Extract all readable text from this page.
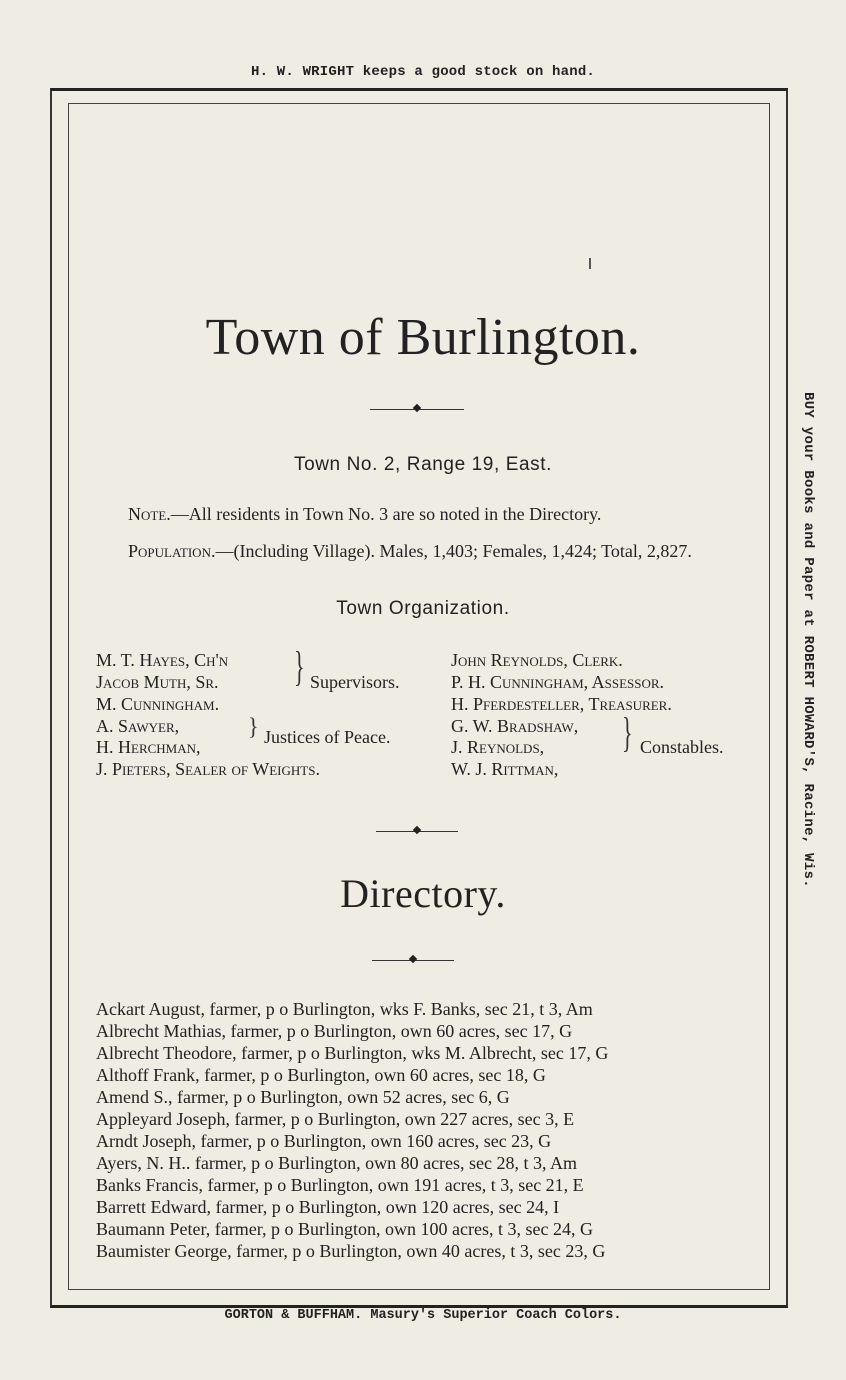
H. W. WRIGHT keeps a good stock on hand.
BUY your Books and Paper at ROBERT HOWARD'S, Racine, Wis.
GORTON & BUFFHAM. Masury's Superior Coach Colors.
Town of Burlington.
Town No. 2, Range 19, East.
Note.—All residents in Town No. 3 are so noted in the Directory.
Population.—(Including Village). Males, 1,403; Females, 1,424; Total, 2,827.
Town Organization.
M. T. Hayes, Ch'n
Jacob Muth, Sr.
M. Cunningham.
} Supervisors.
A. Sawyer,
H. Herchman,
} Justices of Peace.
J. Pieters, Sealer of Weights.
John Reynolds, Clerk.
P. H. Cunningham, Assessor.
H. Pferdesteller, Treasurer.
G. W. Bradshaw,
J. Reynolds,
W. J. Rittman,
} Constables.
Directory.
Ackart August, farmer, p o Burlington, wks F. Banks, sec 21, t 3, Am
Albrecht Mathias, farmer, p o Burlington, own 60 acres, sec 17, G
Albrecht Theodore, farmer, p o Burlington, wks M. Albrecht, sec 17, G
Althoff Frank, farmer, p o Burlington, own 60 acres, sec 18, G
Amend S., farmer, p o Burlington, own 52 acres, sec 6, G
Appleyard Joseph, farmer, p o Burlington, own 227 acres, sec 3, E
Arndt Joseph, farmer, p o Burlington, own 160 acres, sec 23, G
Ayers, N. H.. farmer, p o Burlington, own 80 acres, sec 28, t 3, Am
Banks Francis, farmer, p o Burlington, own 191 acres, t 3, sec 21, E
Barrett Edward, farmer, p o Burlington, own 120 acres, sec 24, I
Baumann Peter, farmer, p o Burlington, own 100 acres, t 3, sec 24, G
Baumister George, farmer, p o Burlington, own 40 acres, t 3, sec 23, G
